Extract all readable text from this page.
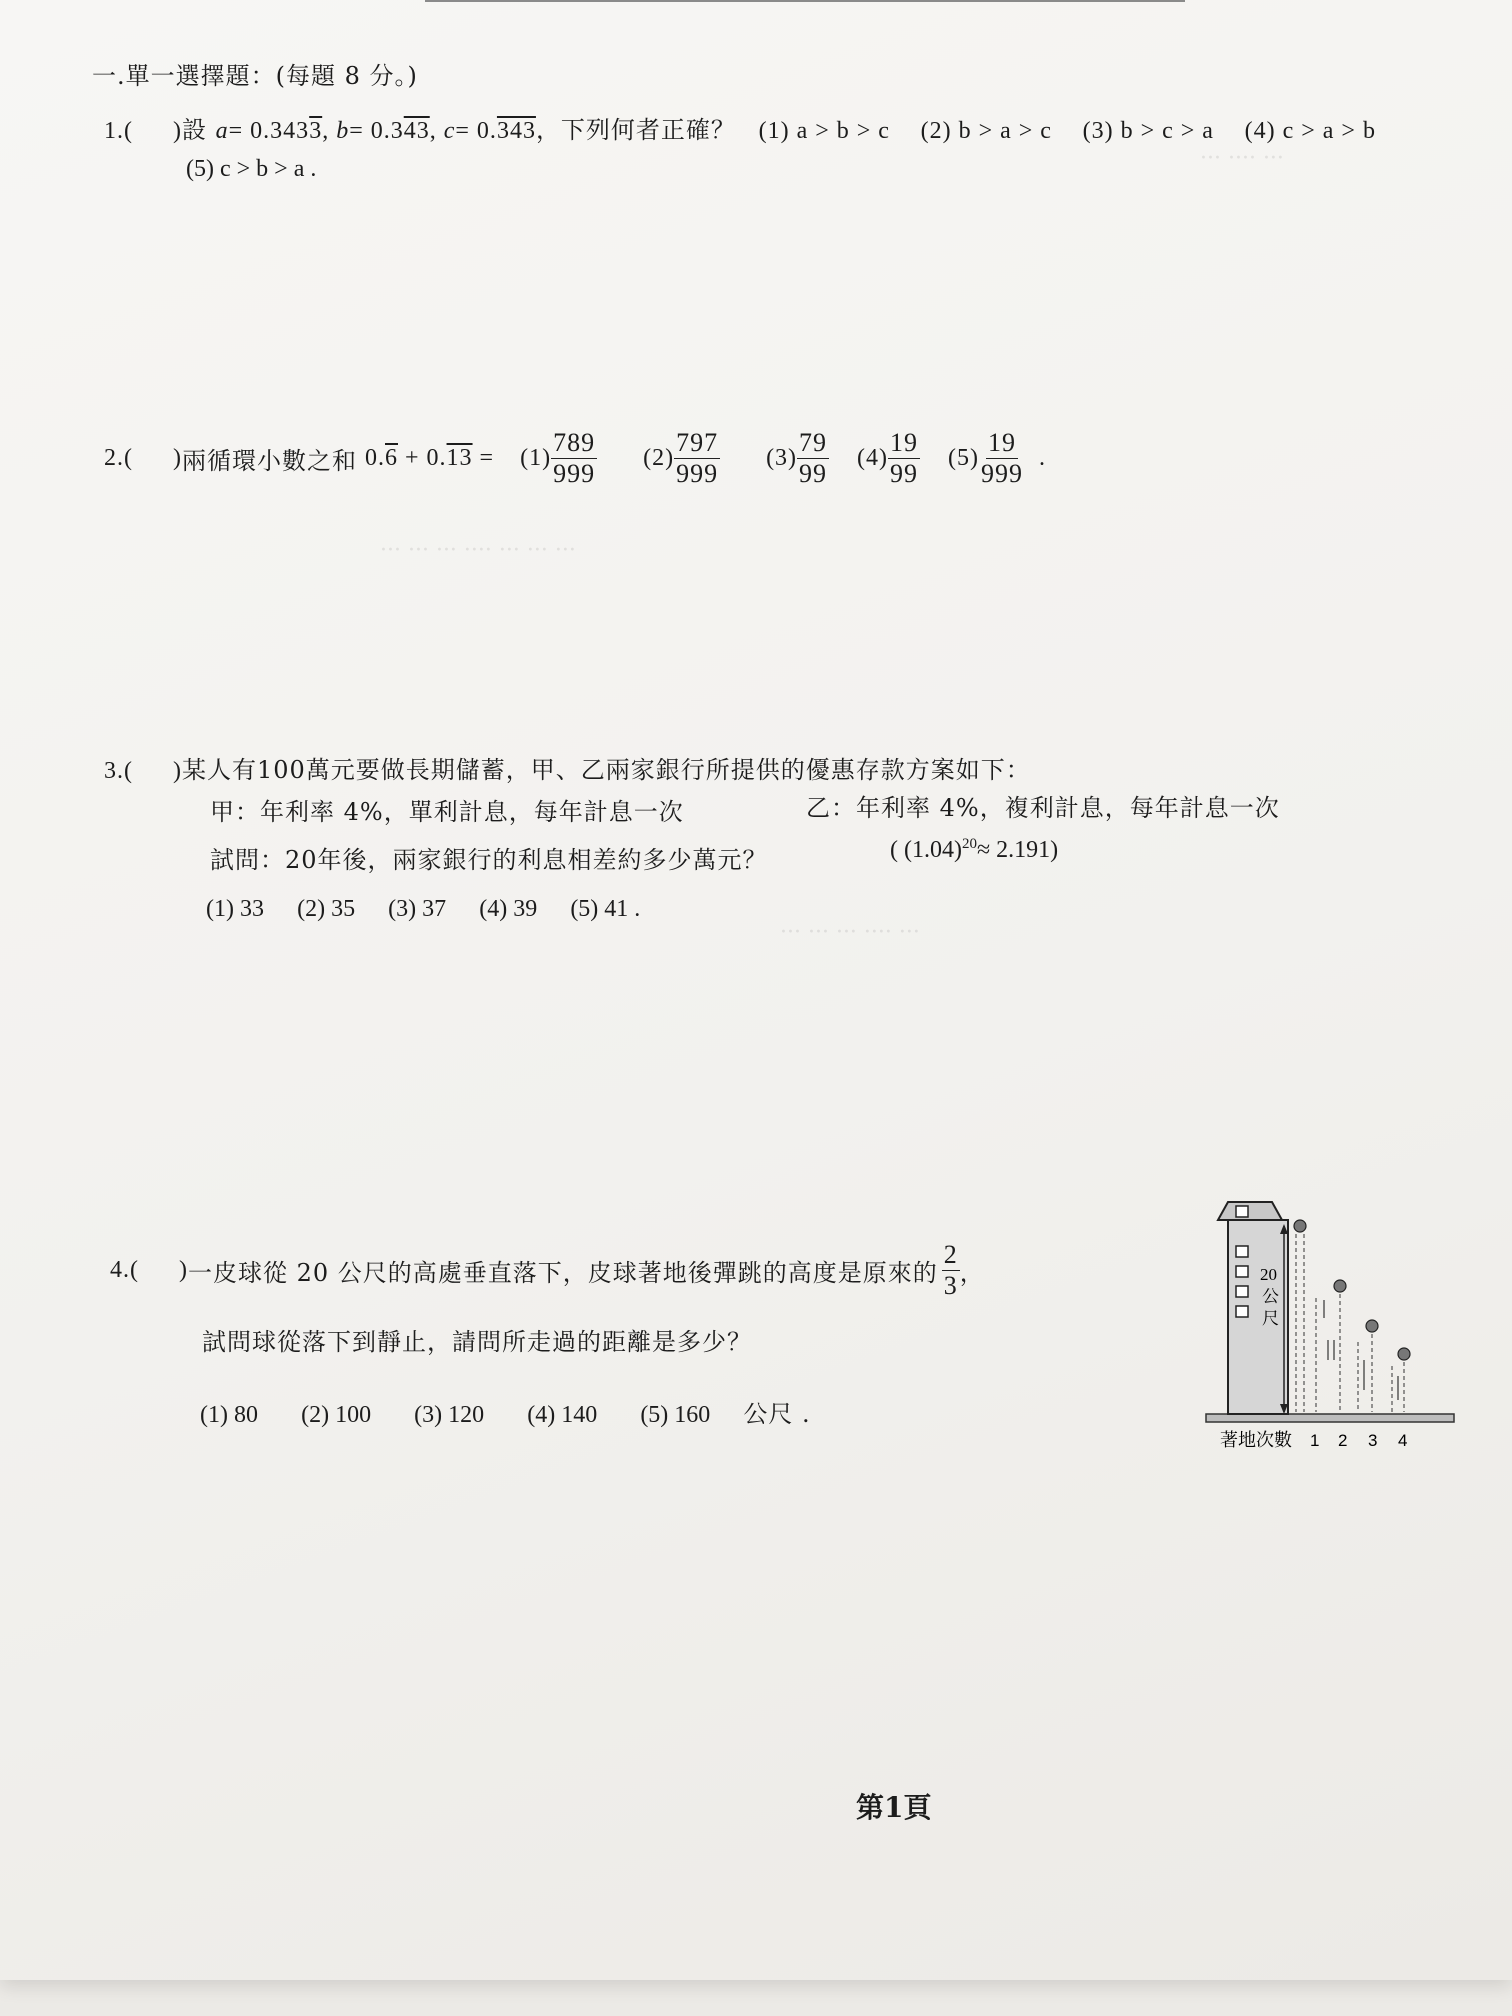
··· ···· ···
··· ··· ··· ···· ··· ··· ···
··· ··· ··· ···· ···
一.單一選擇題：(每題 8 分。)
1.( )設 a= 0.3433, b= 0.343, c= 0.343，下列何者正確？ (1) a > b > c (2) b > a > c (3) b > c > a (4) c > a > b
(5) c > b > a .
2.( ) 兩循環小數之和 $0.6 + 0.13 = (1) \frac{789}{999} (2) \frac{797}{999} (3) \frac{79}{99} (4) \frac{19}{99} (5) \frac{19}{999}$ .
3.( )某人有100萬元要做長期儲蓄，甲、乙兩家銀行所提供的優惠存款方案如下：
甲：年利率 4%，單利計息，每年計息一次	乙：年利率 4%，複利計息，每年計息一次
試問：20年後，兩家銀行的利息相差約多少萬元？	( $(1.04)^{20}\approx 2.191$)
(1) 33 (2) 35 (3) 37 (4) 39 (5) 41 .
4.( ) 一皮球從 20 公尺的高處垂直落下，皮球著地後彈跳的高度是原來的 $\frac{2}{3}$ ，
試問球從落下到靜止，請問所走過的距離是多少？
(1) 80 (2) 100 (3) 120 (4) 140 (5) 160 公尺 .
20
公
尺
著地次數 1 2 3 4
第1頁
